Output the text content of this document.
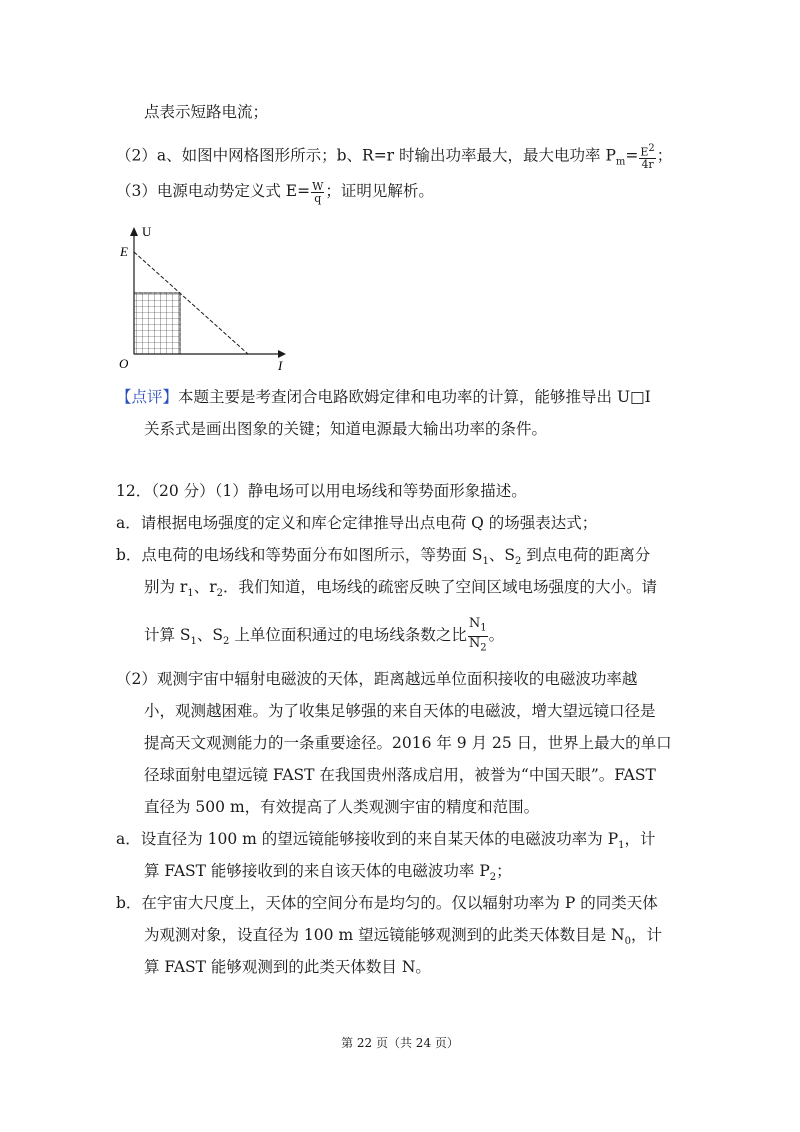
点表示短路电流；
（2）a、如图中网格图形所示；b、R=r 时输出功率最大，最大电功率 $P_m= \frac{E^2}{4r}$ ；
（3）电源电动势定义式 $E= \frac{W}{q}$ ；证明见解析。
U
I
O
E
【点评】本题主要是考查闭合电路欧姆定律和电功率的计算，能够推导出 U□I
关系式是画出图象的关键；知道电源最大输出功率的条件。
12．（20 分）（1）静电场可以用电场线和等势面形象描述。
a．请根据电场强度的定义和库仑定律推导出点电荷 Q 的场强表达式；
b．点电荷的电场线和等势面分布如图所示，等势面 $S_1$、$S_2$ 到点电荷的距离分
别为 $r_1$、$r_2$．我们知道，电场线的疏密反映了空间区域电场强度的大小。请
计算 $S_1$、$S_2$ 上单位面积通过的电场线条数之比 $\frac{N_1}{N_2}$ 。
（2）观测宇宙中辐射电磁波的天体，距离越远单位面积接收的电磁波功率越
小，观测越困难。为了收集足够强的来自天体的电磁波，增大望远镜口径是
提高天文观测能力的一条重要途径。2016 年 9 月 25 日，世界上最大的单口
径球面射电望远镜 FAST 在我国贵州落成启用，被誉为“中国天眼”。FAST
直径为 500 m，有效提高了人类观测宇宙的精度和范围。
a．设直径为 100 m 的望远镜能够接收到的来自某天体的电磁波功率为 $P_1$，计
算 FAST 能够接收到的来自该天体的电磁波功率 $P_2$；
b．在宇宙大尺度上，天体的空间分布是均匀的。仅以辐射功率为 P 的同类天体
为观测对象，设直径为 100 m 望远镜能够观测到的此类天体数目是 $N_0$，计
算 FAST 能够观测到的此类天体数目 N。
第 22 页（共 24 页）
